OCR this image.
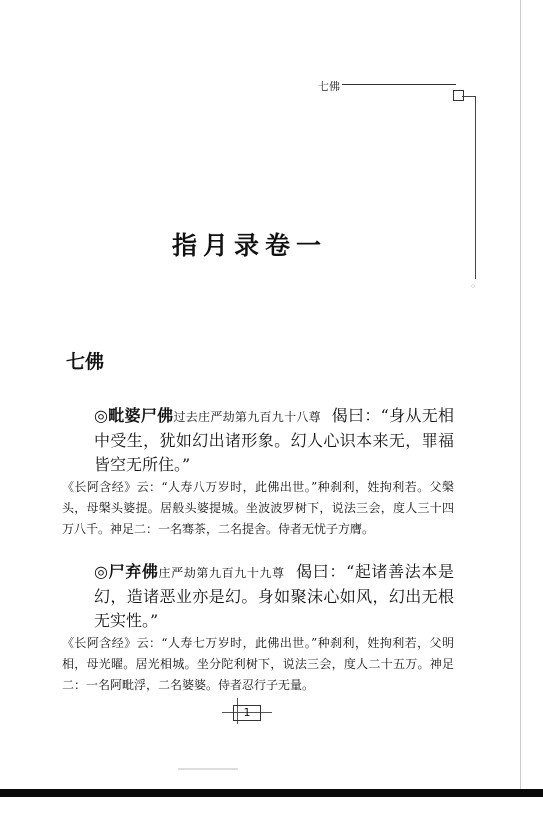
七佛
⁘
指月录卷一
七佛
◎毗婆尸佛过去庄严劫第九百九十八尊 偈曰：“身从无相中受生，犹如幻出诸形象。幻人心识本来无，罪福皆空无所住。”
《长阿含经》云：“人寿八万岁时，此佛出世。”种刹利，姓拘利若。父槃头，母槃头婆提。居般头婆提城。坐波波罗树下，说法三会，度人三十四万八千。神足二：一名骞茶，二名提舍。侍者无忧子方膺。
◎尸弃佛庄严劫第九百九十九尊 偈曰：“起诸善法本是幻，造诸恶业亦是幻。身如聚沫心如风，幻出无根无实性。”
《长阿含经》云：“人寿七万岁时，此佛出世。”种刹利，姓拘利若，父明相，母光曜。居光相城。坐分陀利树下，说法三会，度人二十五万。神足二：一名阿毗浮，二名婆婆。侍者忍行子无量。
1
